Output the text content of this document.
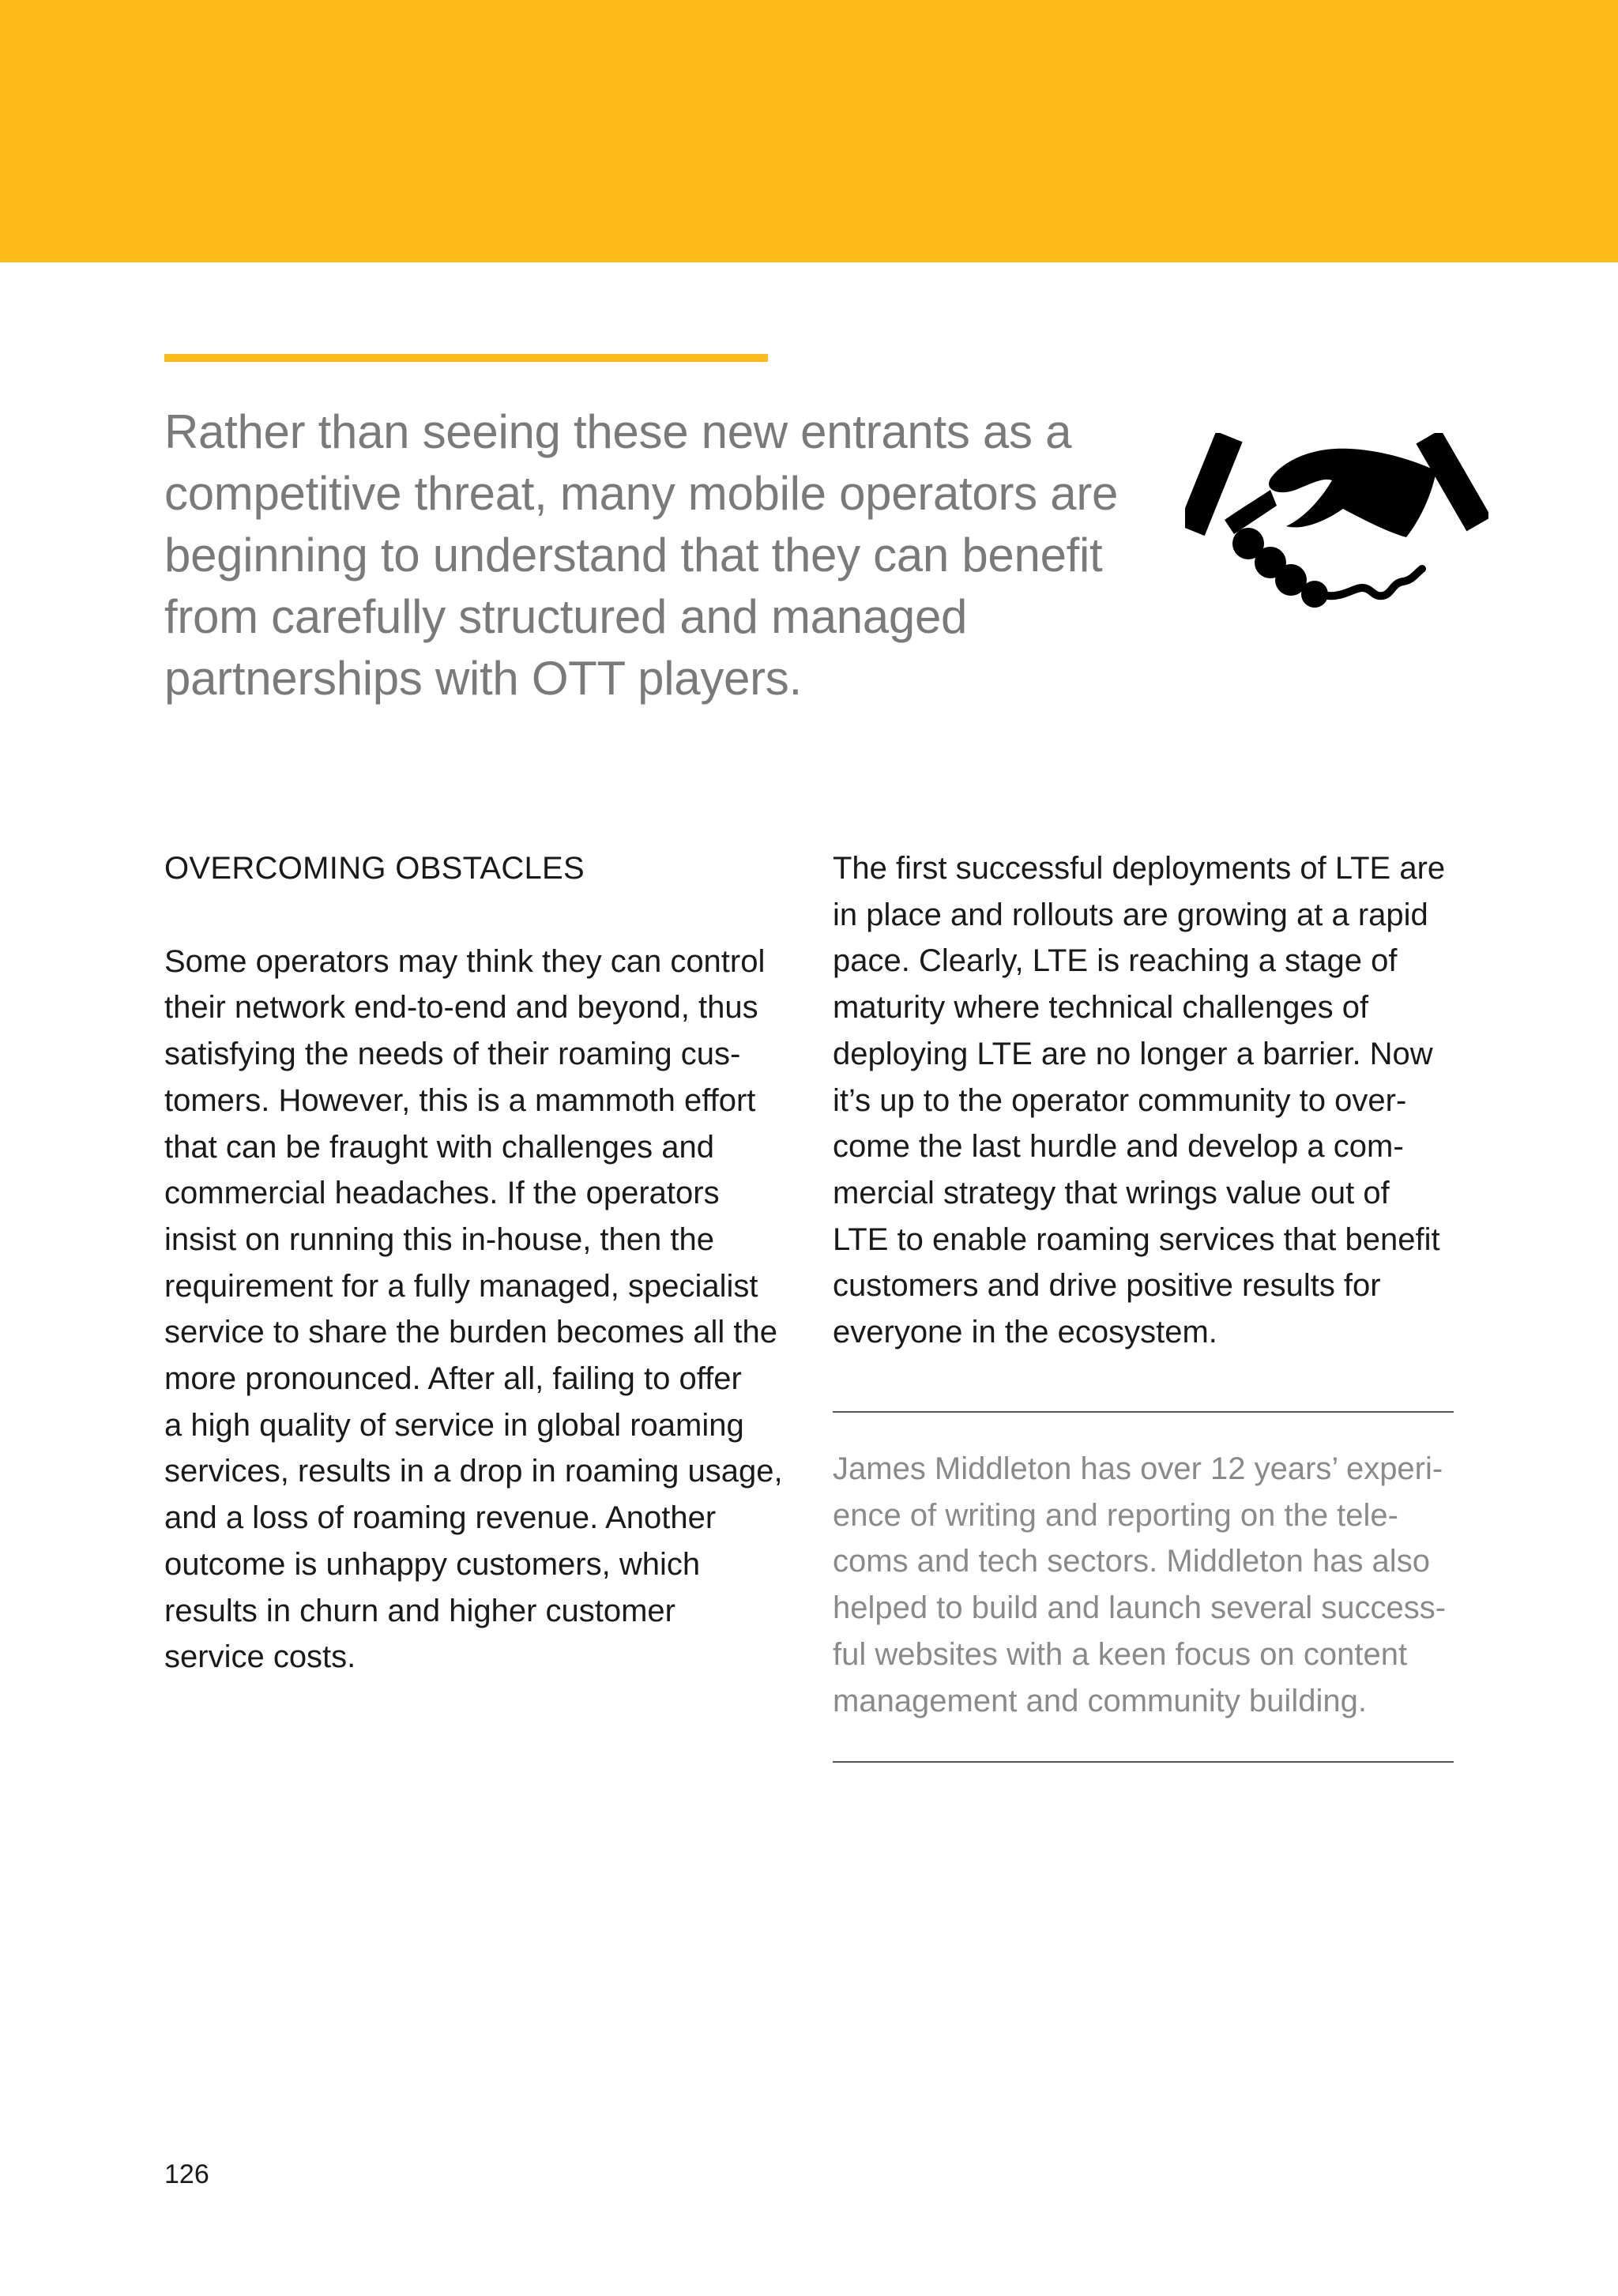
Rather than seeing these new entrants as a
competitive threat, many mobile operators are
beginning to understand that they can benefit
from carefully structured and managed
partnerships with OTT players.

OVERCOMING OBSTACLES

Some operators may think they can control
their network end-to-end and beyond, thus
satisfying the needs of their roaming cus-
tomers. However, this is a mammoth effort
that can be fraught with challenges and
commercial headaches. If the operators
insist on running this in-house, then the
requirement for a fully managed, specialist
service to share the burden becomes all the
more pronounced. After all, failing to offer
a high quality of service in global roaming
services, results in a drop in roaming usage,
and a loss of roaming revenue. Another
outcome is unhappy customers, which
results in churn and higher customer
service costs.

The first successful deployments of LTE are
in place and rollouts are growing at a rapid
pace. Clearly, LTE is reaching a stage of
maturity where technical challenges of
deploying LTE are no longer a barrier. Now
it’s up to the operator community to over-
come the last hurdle and develop a com-
mercial strategy that wrings value out of
LTE to enable roaming services that benefit
customers and drive positive results for
everyone in the ecosystem.

James Middleton has over 12 years’ experi-
ence of writing and reporting on the tele-
coms and tech sectors. Middleton has also
helped to build and launch several success-
ful websites with a keen focus on content
management and community building.

126
